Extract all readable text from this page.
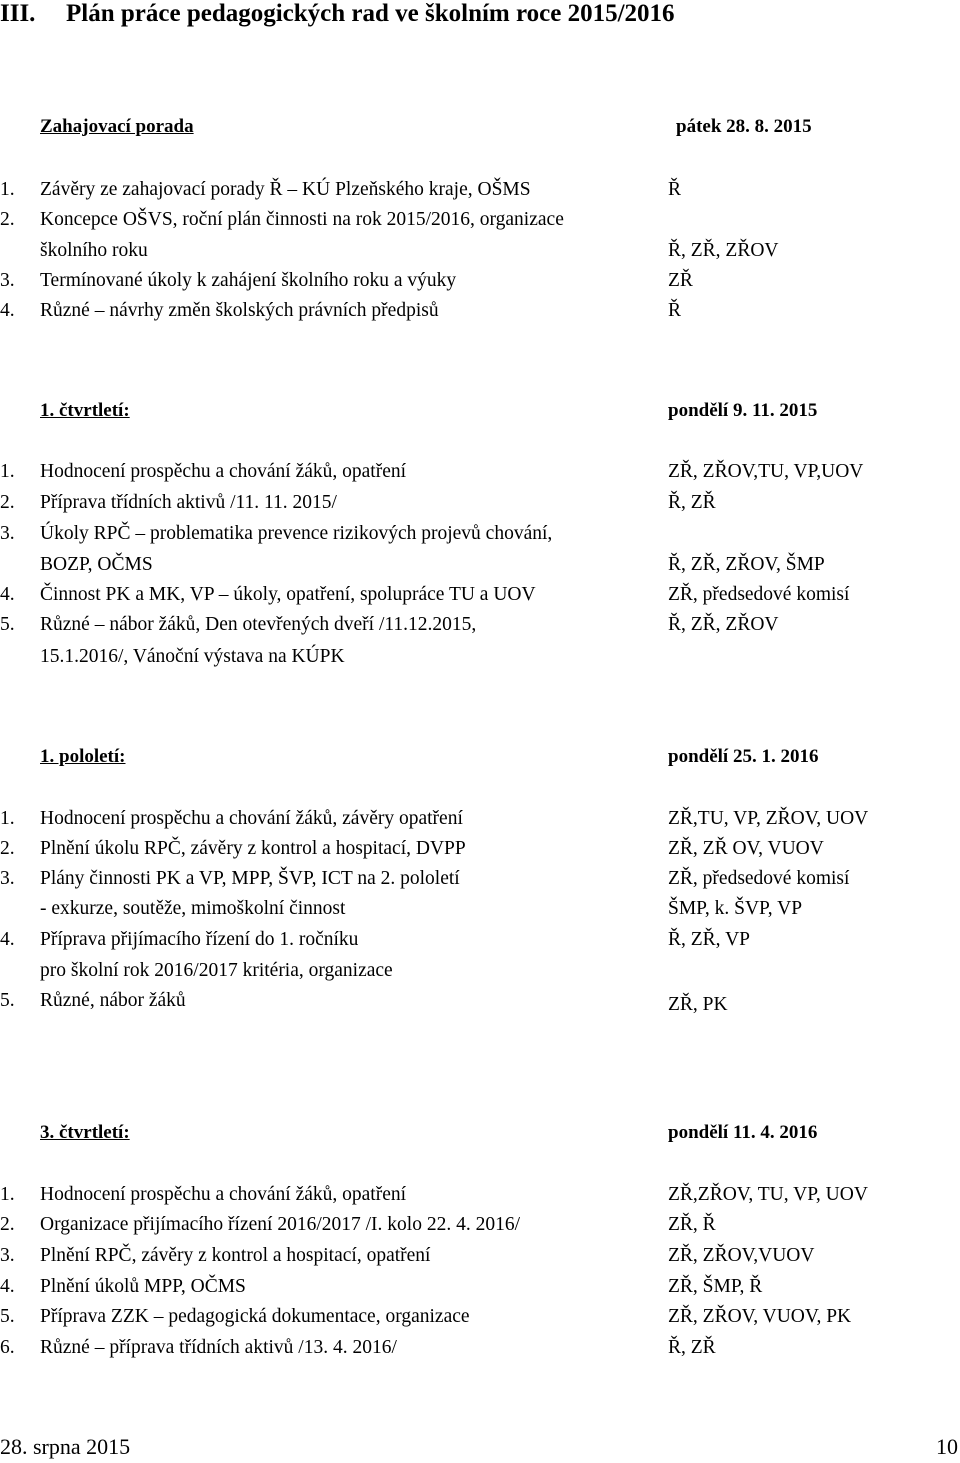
III. Plán práce pedagogických rad ve školním roce 2015/2016
Zahajovací porada	pátek 28. 8. 2015
1. Závěry ze zahajovací porady Ř – KÚ Plzeňského kraje, OŠMS	Ř
2. Koncepce OŠVS, roční plán činnosti na rok 2015/2016, organizace
školního roku	Ř, ZŘ, ZŘOV
3. Termínované úkoly k zahájení školního roku a výuky	ZŘ
4. Různé – návrhy změn školských právních předpisů	Ř
1. čtvrtletí:	pondělí 9. 11. 2015
1. Hodnocení prospěchu a chování žáků, opatření	ZŘ, ZŘOV,TU, VP,UOV
2. Příprava třídních aktivů /11. 11. 2015/	Ř, ZŘ
3. Úkoly RPČ – problematika prevence rizikových projevů chování,
BOZP, OČMS	Ř, ZŘ, ZŘOV, ŠMP
4. Činnost PK a MK, VP – úkoly, opatření, spolupráce TU a UOV	ZŘ, předsedové komisí
5. Různé – nábor žáků, Den otevřených dveří /11.12.2015,	Ř, ZŘ, ZŘOV
15.1.2016/, Vánoční výstava na KÚPK
1. pololetí:	pondělí 25. 1. 2016
1. Hodnocení prospěchu a chování žáků, závěry opatření	ZŘ,TU, VP, ZŘOV, UOV
2. Plnění úkolu RPČ, závěry z kontrol a hospitací, DVPP	ZŘ, ZŘ OV, VUOV
3. Plány činnosti PK a VP, MPP, ŠVP, ICT na 2. pololetí	ZŘ, předsedové komisí
- exkurze, soutěže, mimoškolní činnost	ŠMP, k. ŠVP, VP
4. Příprava přijímacího řízení do 1. ročníku	Ř, ZŘ, VP
pro školní rok 2016/2017 kritéria, organizace
5. Různé, nábor žáků	ZŘ, PK
3. čtvrtletí:	pondělí 11. 4. 2016
1. Hodnocení prospěchu a chování žáků, opatření	ZŘ,ZŘOV, TU, VP, UOV
2. Organizace přijímacího řízení 2016/2017 /I. kolo 22. 4. 2016/	ZŘ, Ř
3. Plnění RPČ, závěry z kontrol a hospitací, opatření	ZŘ, ZŘOV,VUOV
4. Plnění úkolů MPP, OČMS	ZŘ, ŠMP, Ř
5. Příprava ZZK – pedagogická dokumentace, organizace	ZŘ, ZŘOV, VUOV, PK
6. Různé – příprava třídních aktivů /13. 4. 2016/	Ř, ZŘ
28. srpna 2015	10
